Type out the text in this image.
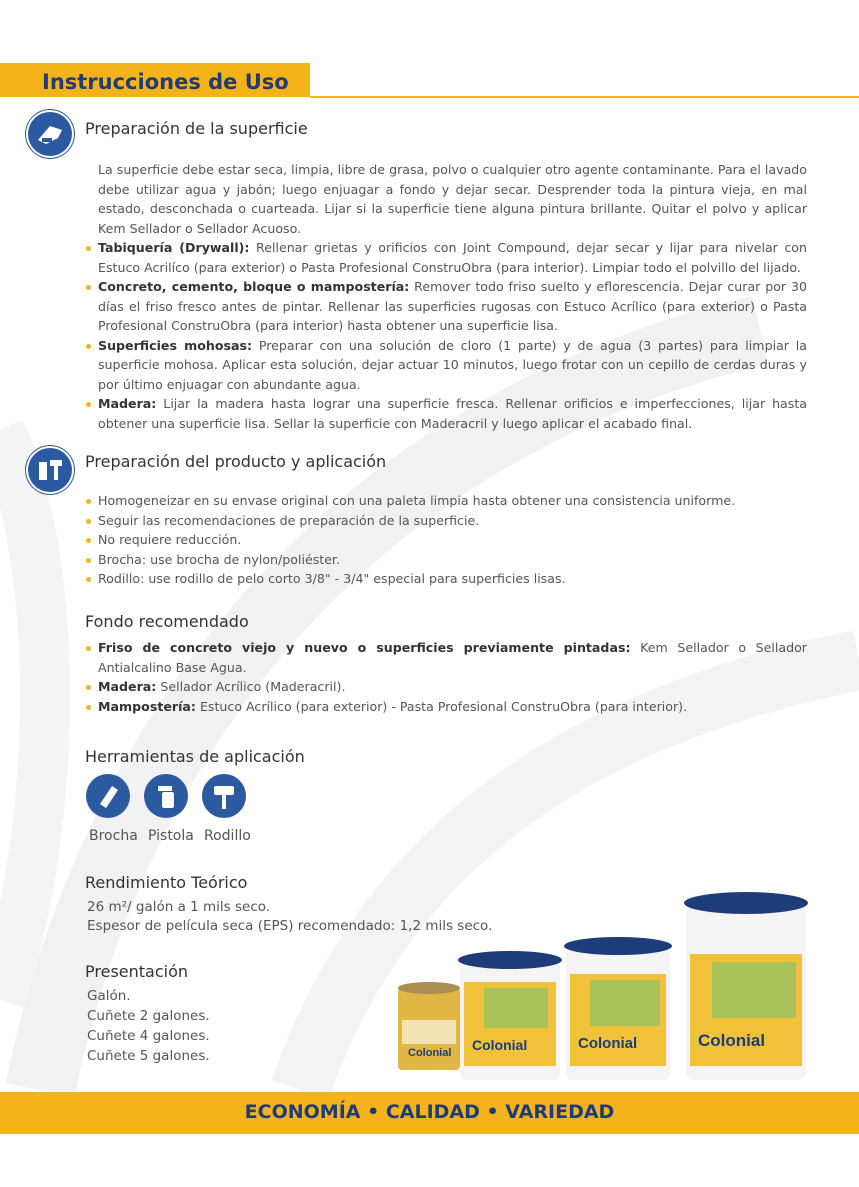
Instrucciones de Uso
Preparación de la superficie
La superficie debe estar seca, limpia, libre de grasa, polvo o cualquier otro agente contaminante. Para el lavado debe utilizar agua y jabón; luego enjuagar a fondo y dejar secar. Desprender toda la pintura vieja, en mal estado, desconchada o cuarteada. Lijar si la superficie tiene alguna pintura brillante. Quitar el polvo y aplicar Kem Sellador o Sellador Acuoso.
Tabiquería (Drywall): Rellenar grietas y orificios con Joint Compound, dejar secar y lijar para nivelar con Estuco Acrilíco (para exterior) o Pasta Profesional ConstruObra (para interior). Limpiar todo el polvillo del lijado.
Concreto, cemento, bloque o mampostería: Remover todo friso suelto y eflorescencia. Dejar curar por 30 días el friso fresco antes de pintar. Rellenar las superficies rugosas con Estuco Acrílico (para exterior) o Pasta Profesional ConstruObra (para interior) hasta obtener una superficie lisa.
Superficies mohosas: Preparar con una solución de cloro (1 parte) y de agua (3 partes) para limpiar la superficie mohosa. Aplicar esta solución, dejar actuar 10 minutos, luego frotar con un cepillo de cerdas duras y por último enjuagar con abundante agua.
Madera: Lijar la madera hasta lograr una superficie fresca. Rellenar orificios e imperfecciones, lijar hasta obtener una superficie lisa. Sellar la superficie con Maderacril y luego aplicar el acabado final.
Preparación del producto y aplicación
Homogeneizar en su envase original con una paleta limpia hasta obtener una consistencia uniforme.
Seguir las recomendaciones de preparación de la superficie.
No requiere reducción.
Brocha: use brocha de nylon/poliéster.
Rodillo: use rodillo de pelo corto 3/8" - 3/4" especial para superficies lisas.
Fondo recomendado
Friso de concreto viejo y nuevo o superficies previamente pintadas: Kem Sellador o Sellador Antialcalino Base Agua.
Madera: Sellador Acrílico (Maderacril).
Mampostería: Estuco Acrílico (para exterior) - Pasta Profesional ConstruObra (para interior).
Herramientas de aplicación
Brocha Pistola Rodillo
Rendimiento Teórico
26 m²/ galón a 1 mils seco.
Espesor de película seca (EPS) recomendado: 1,2 mils seco.
Presentación
Galón.
Cuñete 2 galones.
Cuñete 4 galones.
Cuñete 5 galones.	Colonial Colonial	Colonial	Colonial
ECONOMÍA • CALIDAD • VARIEDAD
